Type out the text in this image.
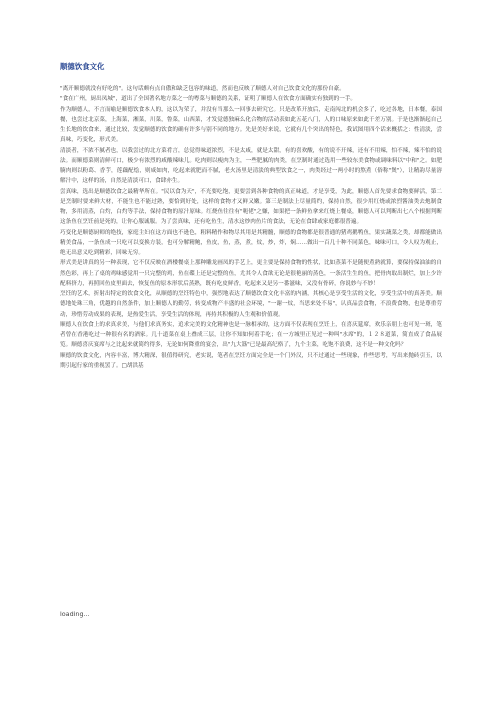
顺德饮食文化
"离开顺德就没有好吃的"。这句话颇有点自傲和缺乏包容的味道，然而也反映了顺德人对自己饮食文化的那份自豪。
"食在广州，厨出凤城"，道出了全国著名地方菜之一的粤菜与顺德的关系，证明了顺德人在饮食方面确实有独到的一手。
作为顺德人，不言而喻是顺德饮食本人的，这以为荣了，并没有当那么一回事去研究它。只是改革开放后，走南闯北的机会多了，吃过各地，日本餐，泰国餐，也尝过北京菜，上海菜，湘菜，川菜，鲁菜，山西菜，才发觉德独麻么化合物的活动表如此五花八门，人的口味原来如此千差万别。于是也渐渐起自己生长地的饮食来，通过比较，发觉顺德的饮食的确有许多与别不同的地方。先是美好来说，它就有几个突出的特色，我试图用四个话来概括之：性清淡，尝真味，巧变化，形式美。
清淡者，不浓不腻者也，以我尝过的北方菜肴言，总觉得味道浓烈，不是太咸，就是太甜，有的喜欢酸，有的说不开辣，还有不用辣，怕不辣，辣不怕的说法。而顺德菜则清鲜可口，极少有浓烈的咸酸辣味儿。吃肉则以瘦肉为主，一些肥腻的肉类，在烹制时通过选用一些较东美食物或调味料以"中和"之。如肥腩肉则以粉葛、香芋，莲藕配烩，则咸如肉，吃起来就肥而不腻，老火汤里是清淡的典型饮食之一，肉类经过一两小时的熬煮（俗称"煲"），让精韵尽量溶解汁中，这样的汤，自然是清淡可口，食肆亦生。
尝真味，选出是顺德饮食之最精华所在。"民以食为天"，不光要吃饱，更要尝到各种食物的真正味道，才是享受，为此，顺德人首先要求食物要鲜活，第二是烹制时要来鲜大材，不能生也不能过熟，要恰到好处，这样的食物才又鲜又嫩。第三是制法上尽量简约，保持自然，很少用红烧或浓烈酱油类去炮制食物，多用清蒸，白灼，白灼等手法，保持食物的原汁原味。红烧鱼往往有"呃佬"之嫌，如果把一条鲜鱼拿来红烧上餐桌，顺德人可以判断出七八个根据判断这条鱼在烹饪前是死的，让你心服诚服。为了尝真味，还有吃鱼生，清水这炒肉鱼片的食法，无论在食肆或家庭都很普遍。
巧变化是顺德厨师的绝技，家庭主妇在这方面也不逊色，粗料精作和物尽其用是其精髓，顺德的食物都是很普通的猪鸡鹅鸭鱼，果实蔬菜之类，却都能做出精美食品，一条鱼成一只吃可以变换方装，也可分解精鲍，鱼皮，鱼，蒸，煮，炆，炒，炸，焖……做出一百几十种不同菜色，味味可口，令人叹为观止，绝无出意义吃到精彩，回味无穷。
形式美是讲真的另一种表现，它不仅反映在酒楼餐桌上那种雕龙画凤的手艺上，更主要是保持食物的性状，比如蒸菜不是随便煮熟就算，要保持保油油的自然色彩，再上了桌的鸡味感觉用一只完整的鸡，鱼在碟上还是完整的鱼，尤其令人食欲无论是很艳丽的蒸色，一条活生生的鱼，把骨肉取出制烂，加上少许配料挤力，再照回鱼皮里面去，恢复鱼的原本形状后蒸熟，既有吃皮鲜香，吃起来又是另一番滋味，又没有骨碎，你说妙与不妙！
烹饪的艺术，折射出特定的饮食文化，从顺德的烹饪特色中，强烈地表达了顺德饮食文化丰富的内涵，其核心是享受生活的文化，享受生活中的真善美。顺德地处珠三角，优越的自然条件，加上顺德人的勤劳，转变成物产丰盛的社会环境，"一谢一炆，当思来处不易"，认真品尝食物，不浪费食物，也是尊重劳动，珍惜劳动成果的表现，是热爱生活，享受生活的体现，再持其积极的人生观和价值观。
顺德人在饮食上的求真求美，与他们求真务实，追求完美的文化精神也是一脉相承的，这方面不仅表现在烹饪上，在喜庆筵席，欢乐亲朋上也可见一斑，笔者曾在香港吃过一种很有名的酒家。几十道菜在桌上叠成三层，让你不知如何着手吃；在一方城里正见过一种叫"水席"的，１２８道菜，简直成了食品展览。顺德喜庆宴席与之比起来就简约得多，无论如何降重的宴会，出"九大簋"已是最高纪格了，九个主菜，吃饱不浪费，这不是一种文化吗？
顺德的饮食文化，内容丰富，博大精深，很值得研究，老实说，笔者在烹饪方面完全是一个门外汉，只不过通过一些现象，作些思考，写出来抛砖引玉，以期引起行家的重视罢了。□胡洪基
loading...
